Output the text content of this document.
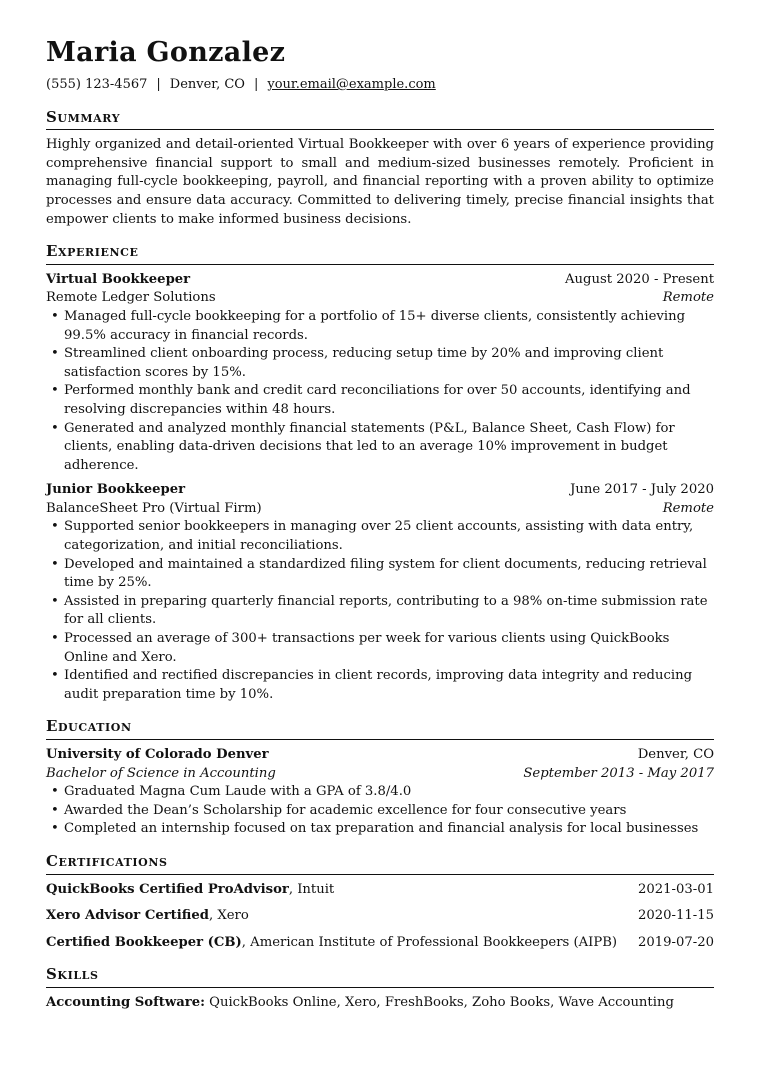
Maria Gonzalez
(555) 123-4567 | Denver, CO | your.email@example.com
Summary
Highly organized and detail-oriented Virtual Bookkeeper with over 6 years of experience providing comprehensive financial support to small and medium-sized businesses remotely. Proficient in managing full-cycle bookkeeping, payroll, and financial reporting with a proven ability to optimize processes and ensure data accuracy. Committed to delivering timely, precise financial insights that empower clients to make informed business decisions.
Experience
Virtual Bookkeeper	August 2020 - Present
Remote Ledger Solutions	Remote
• Managed full-cycle bookkeeping for a portfolio of 15+ diverse clients, consistently achieving 99.5% accuracy in financial records.
• Streamlined client onboarding process, reducing setup time by 20% and improving client satisfaction scores by 15%.
• Performed monthly bank and credit card reconciliations for over 50 accounts, identifying and resolving discrepancies within 48 hours.
• Generated and analyzed monthly financial statements (P&L, Balance Sheet, Cash Flow) for clients, enabling data-driven decisions that led to an average 10% improvement in budget adherence.
Junior Bookkeeper	June 2017 - July 2020
BalanceSheet Pro (Virtual Firm)	Remote
• Supported senior bookkeepers in managing over 25 client accounts, assisting with data entry, categorization, and initial reconciliations.
• Developed and maintained a standardized filing system for client documents, reducing retrieval time by 25%.
• Assisted in preparing quarterly financial reports, contributing to a 98% on-time submission rate for all clients.
• Processed an average of 300+ transactions per week for various clients using QuickBooks Online and Xero.
• Identified and rectified discrepancies in client records, improving data integrity and reducing audit preparation time by 10%.
Education
University of Colorado Denver	Denver, CO
Bachelor of Science in Accounting	September 2013 - May 2017
• Graduated Magna Cum Laude with a GPA of 3.8/4.0
• Awarded the Dean’s Scholarship for academic excellence for four consecutive years
• Completed an internship focused on tax preparation and financial analysis for local businesses
Certifications
QuickBooks Certified ProAdvisor, Intuit	2021-03-01
Xero Advisor Certified, Xero	2020-11-15
Certified Bookkeeper (CB), American Institute of Professional Bookkeepers (AIPB) 2019-07-20
Skills
Accounting Software: QuickBooks Online, Xero, FreshBooks, Zoho Books, Wave Accounting
